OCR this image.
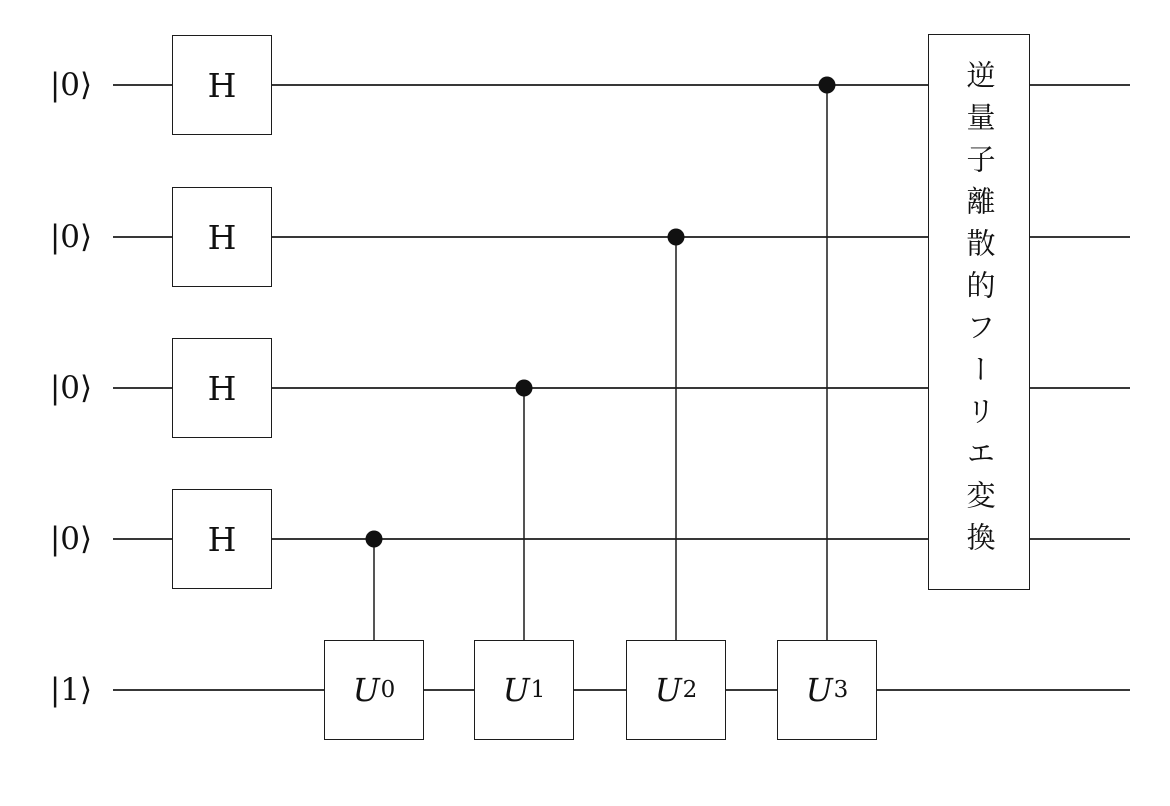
|0⟩
|0⟩
|0⟩
|0⟩
|1⟩
H
H
H
H
U 0	U 1	U 2	U 3
逆量子離散的フーリエ変換
